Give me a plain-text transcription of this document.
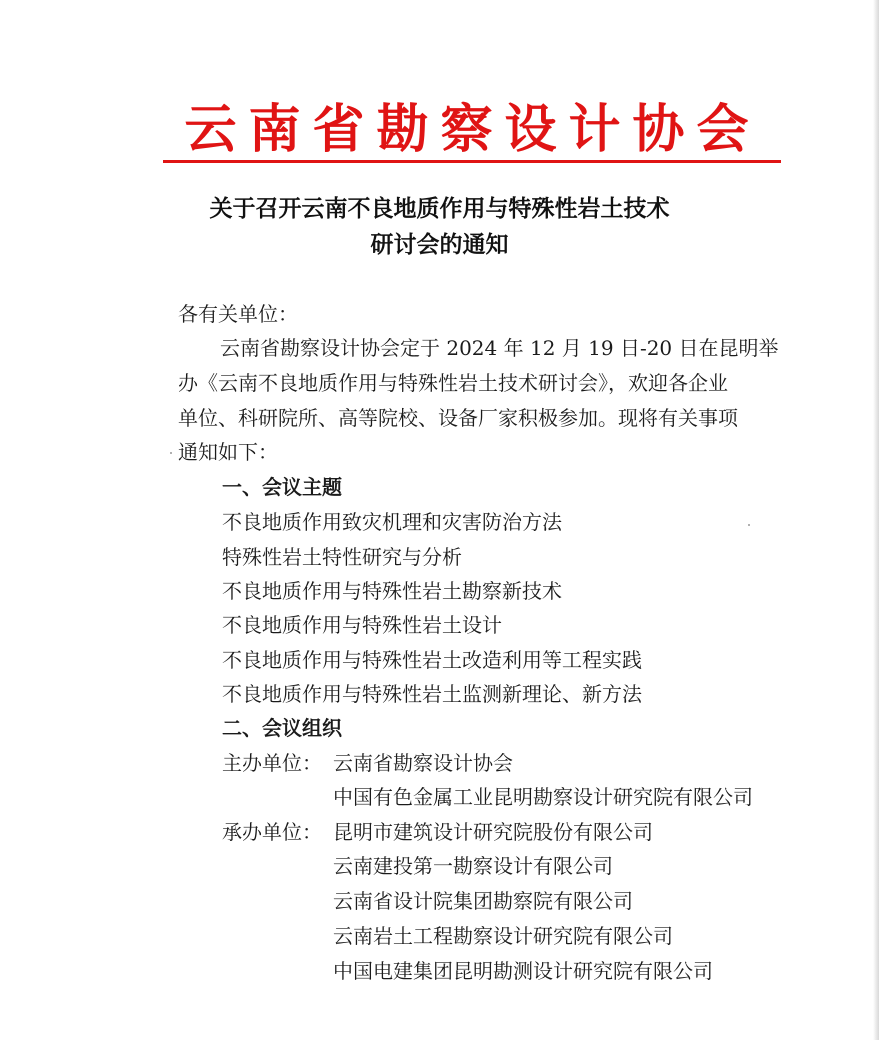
云南省勘察设计协会
关于召开云南不良地质作用与特殊性岩土技术
研讨会的通知
各有关单位：
云南省勘察设计协会定于 2024 年 12 月 19 日-20 日在昆明举
办《云南不良地质作用与特殊性岩土技术研讨会》，欢迎各企业
单位、科研院所、高等院校、设备厂家积极参加。现将有关事项
通知如下：
一、会议主题
不良地质作用致灾机理和灾害防治方法
特殊性岩土特性研究与分析
不良地质作用与特殊性岩土勘察新技术
不良地质作用与特殊性岩土设计
不良地质作用与特殊性岩土改造利用等工程实践
不良地质作用与特殊性岩土监测新理论、新方法
二、会议组织
主办单位： 云南省勘察设计协会
中国有色金属工业昆明勘察设计研究院有限公司
承办单位： 昆明市建筑设计研究院股份有限公司
云南建投第一勘察设计有限公司
云南省设计院集团勘察院有限公司
云南岩土工程勘察设计研究院有限公司
中国电建集团昆明勘测设计研究院有限公司
